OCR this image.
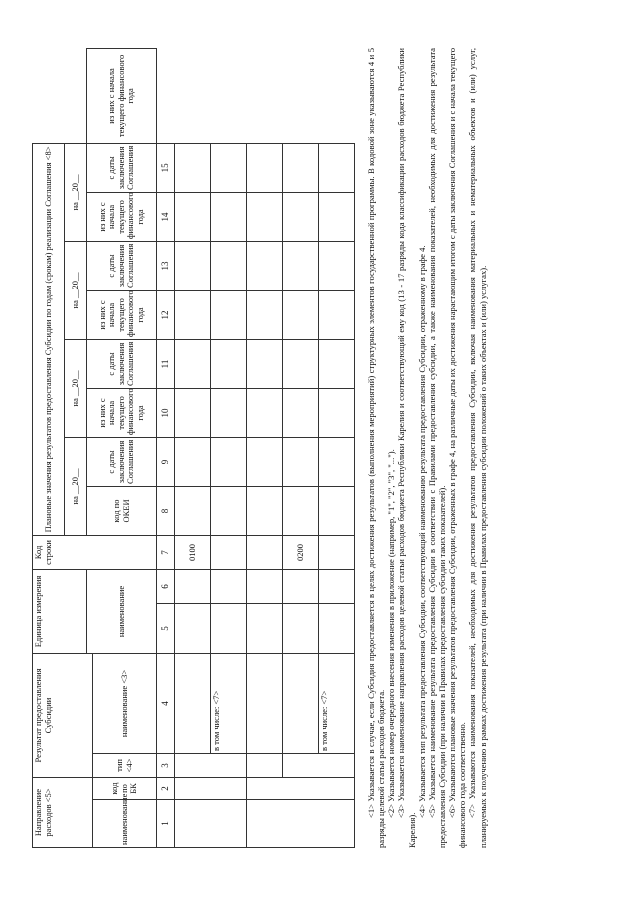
Направление расходов <5>		Результат предоставления Субсидии		Единица измерения		Код строки	Плановые значения результатов предоставления Субсидии по годам (срокам) реализации Соглашения <8>								
							на __20__		на __20__		на __20__		на __20__		
				наименование			код по ОКЕИ	с даты заключения Соглашения	из них с начала текущего финансового года	с даты заключения Соглашения	из них с начала текущего финансового года	с даты заключения Соглашения	из них с начала текущего финансового года	с даты заключения Соглашения	из них с начала текущего финансового года
наименование	код по БК	тип <4>	наименование <3>												
1	2	3	4	5	6	7	8	9	10	11	12	13	14	15	
						0100									
			в том числе: <7>												

						0200									
			в том числе: <7>													<1> Указывается в случае, если Субсидия предоставляется в целях достижения результатов (выполнения мероприятий) структурных элементов государственной программы. В кодовой зоне указываются 4 и 5 разряды целевой статьи расходов бюджета. <2> Указывается номер очередного внесения изменения в приложение (например, "1", "2", "3", "..."). <3> Указывается наименование направления расходов целевой статьи расходов бюджета Республики Карелия и соответствующий ему код (13 - 17 разряды кода классификации расходов бюджета Республики Карелия).

<4> Указывается тип результата предоставления Субсидии, соответствующий наименованию результата предоставления Субсидии, отраженному в графе 4. <5> Указывается наименование результата предоставления Субсидии в соответствии с Правилами предоставления субсидии, а также наименования показателей, необходимых для достижения результата предоставления Субсидии (при наличии в Правилах предоставления субсидии таких показателей). <6> Указываются плановые значения результатов предоставления Субсидии, отраженных в графе 4, на различные даты их достижения нарастающим итогом с даты заключения Соглашения и с начала текущего финансового года соответственно. <7> Указываются наименования показателей, необходимых для достижения результатов предоставления Субсидии, включая наименования материальных и нематериальных объектов и (или) услуг, планируемых к получению в рамках достижения результата (при наличии в Правилах предоставления субсидии положений о таких объектах и (или) услугах).
